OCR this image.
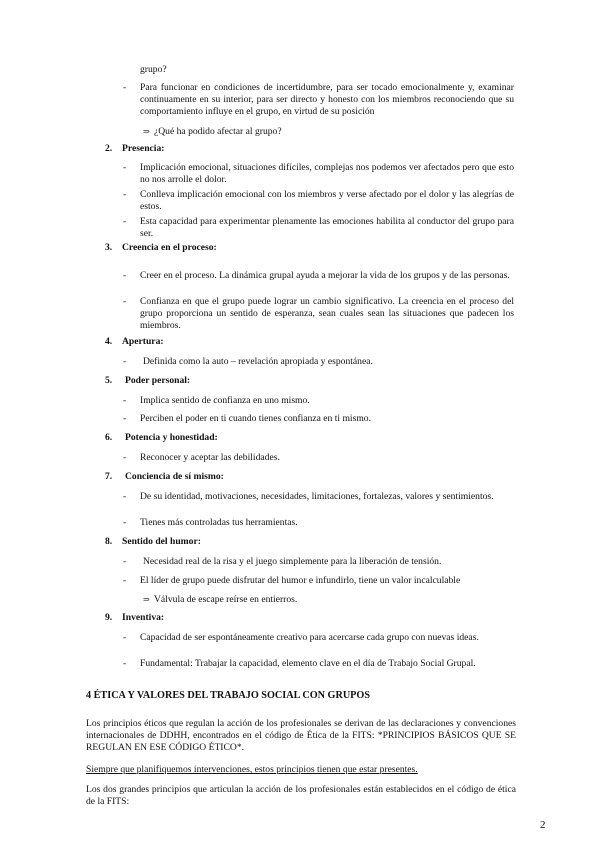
grupo?
- Para funcionar en condiciones de incertidumbre, para ser tocado emocionalmente y, examinar continuamente en su interior, para ser directo y honesto con los miembros reconociendo que su comportamiento influye en el grupo, en virtud de su posición
⇒ ¿Qué ha podido afectar al grupo?
2. Presencia:
- Implicación emocional, situaciones difíciles, complejas nos podemos ver afectados pero que esto no nos arrolle el dolor.
- Conlleva implicación emocional con los miembros y verse afectado por el dolor y las alegrías de estos.
- Esta capacidad para experimentar plenamente las emociones habilita al conductor del grupo para ser.
3. Creencia en el proceso:
- Creer en el proceso. La dinámica grupal ayuda a mejorar la vida de los grupos y de las personas.
- Confianza en que el grupo puede lograr un cambio significativo. La creencia en el proceso del grupo proporciona un sentido de esperanza, sean cuales sean las situaciones que padecen los miembros.
4. Apertura:
- Definida como la auto – revelación apropiada y espontánea.
5. Poder personal:
- Implica sentido de confianza en uno mismo.
- Perciben el poder en ti cuando tienes confianza en ti mismo.
6. Potencia y honestidad:
- Reconocer y aceptar las debilidades.
7. Conciencia de sí mismo:
- De su identidad, motivaciones, necesidades, limitaciones, fortalezas, valores y sentimientos.
- Tienes más controladas tus herramientas.
8. Sentido del humor:
- Necesidad real de la risa y el juego simplemente para la liberación de tensión.
- El líder de grupo puede disfrutar del humor e infundirlo, tiene un valor incalculable
⇒ Válvula de escape reírse en entierros.
9. Inventiva:
- Capacidad de ser espontáneamente creativo para acercarse cada grupo con nuevas ideas.
- Fundamental: Trabajar la capacidad, elemento clave en el día de Trabajo Social Grupal.
4 ÉTICA Y VALORES DEL TRABAJO SOCIAL CON GRUPOS
Los principios éticos que regulan la acción de los profesionales se derivan de las declaraciones y convenciones internacionales de DDHH, encontrados en el código de Ética de la FITS: *PRINCIPIOS BÁSICOS QUE SE REGULAN EN ESE CÓDIGO ÉTICO*.
Siempre que planifiquemos intervenciones, estos principios tienen que estar presentes.
Los dos grandes principios que articulan la acción de los profesionales están establecidos en el código de ética de la FITS:
2
